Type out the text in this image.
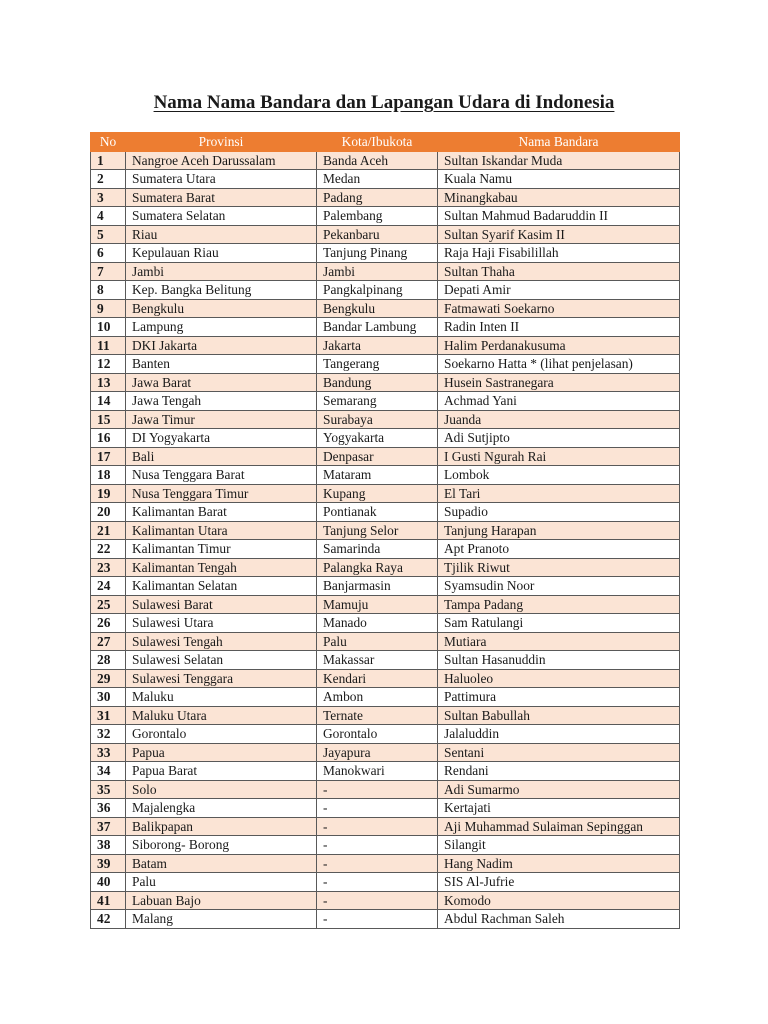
Nama Nama Bandara dan Lapangan Udara di Indonesia
No	Provinsi	Kota/Ibukota	Nama Bandara
1	Nangroe Aceh Darussalam	Banda Aceh	Sultan Iskandar Muda
2	Sumatera Utara	Medan	Kuala Namu
3	Sumatera Barat	Padang	Minangkabau
4	Sumatera Selatan	Palembang	Sultan Mahmud Badaruddin II
5	Riau	Pekanbaru	Sultan Syarif Kasim II
6	Kepulauan Riau	Tanjung Pinang	Raja Haji Fisabilillah
7	Jambi	Jambi	Sultan Thaha
8	Kep. Bangka Belitung	Pangkalpinang	Depati Amir
9	Bengkulu	Bengkulu	Fatmawati Soekarno
10	Lampung	Bandar Lambung	Radin Inten II
11	DKI Jakarta	Jakarta	Halim Perdanakusuma
12	Banten	Tangerang	Soekarno Hatta * (lihat penjelasan)
13	Jawa Barat	Bandung	Husein Sastranegara
14	Jawa Tengah	Semarang	Achmad Yani
15	Jawa Timur	Surabaya	Juanda
16	DI Yogyakarta	Yogyakarta	Adi Sutjipto
17	Bali	Denpasar	I Gusti Ngurah Rai
18	Nusa Tenggara Barat	Mataram	Lombok
19	Nusa Tenggara Timur	Kupang	El Tari
20	Kalimantan Barat	Pontianak	Supadio
21	Kalimantan Utara	Tanjung Selor	Tanjung Harapan
22	Kalimantan Timur	Samarinda	Apt Pranoto
23	Kalimantan Tengah	Palangka Raya	Tjilik Riwut
24	Kalimantan Selatan	Banjarmasin	Syamsudin Noor
25	Sulawesi Barat	Mamuju	Tampa Padang
26	Sulawesi Utara	Manado	Sam Ratulangi
27	Sulawesi Tengah	Palu	Mutiara
28	Sulawesi Selatan	Makassar	Sultan Hasanuddin
29	Sulawesi Tenggara	Kendari	Haluoleo
30	Maluku	Ambon	Pattimura
31	Maluku Utara	Ternate	Sultan Babullah
32	Gorontalo	Gorontalo	Jalaluddin
33	Papua	Jayapura	Sentani
34	Papua Barat	Manokwari	Rendani
35	Solo	-	Adi Sumarmo
36	Majalengka	-	Kertajati
37	Balikpapan	-	Aji Muhammad Sulaiman Sepinggan
38	Siborong- Borong	-	Silangit
39	Batam	-	Hang Nadim
40	Palu	-	SIS Al-Jufrie
41	Labuan Bajo	-	Komodo
42	Malang	-	Abdul Rachman Saleh
